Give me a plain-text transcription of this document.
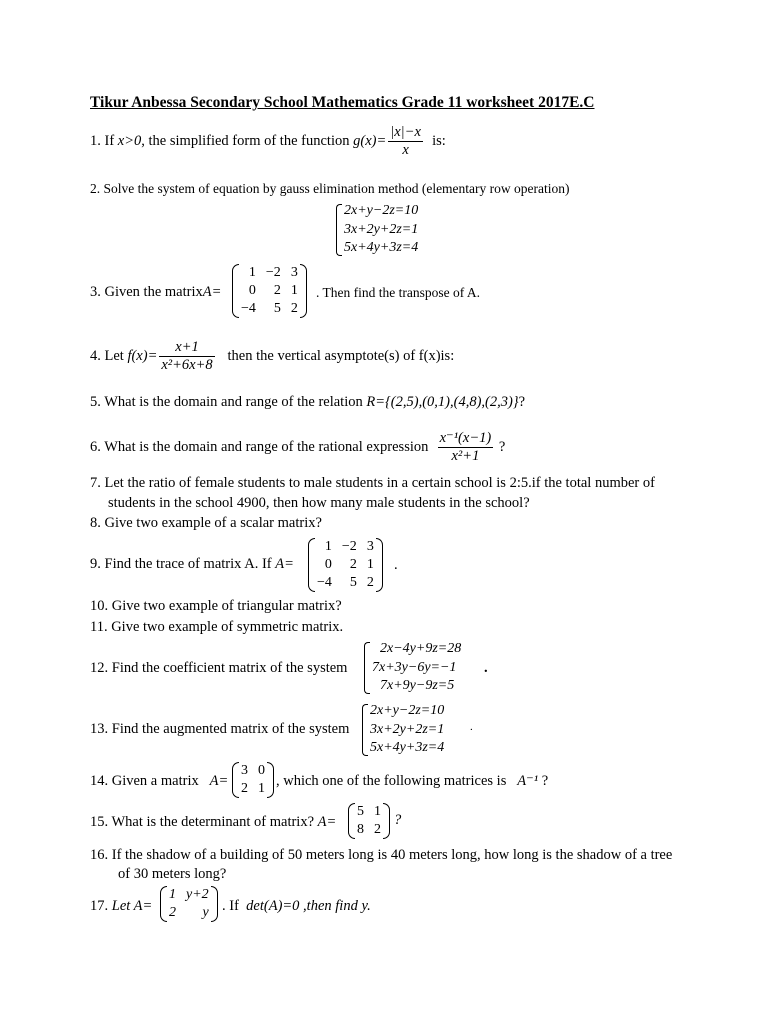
Tikur Anbessa Secondary School Mathematics Grade 11 worksheet 2017E.C
1. If x>0, the simplified form of the function $g(x)= \frac{|x|-x}{x}$ is:
2. Solve the system of equation by gauss elimination method (elementary row operation)
2x+y−2z=10
3x+2y+2z=1
5x+4y+3z=4
3. Given the matrixA=
1	−2	3
0	2	1
−4	5	2
. Then find the transpose of A.
4. Let $f(x)= \frac{x+1}{\text{x²+6x+8}}$ then the vertical asymptote(s) of f(x)is:
5. What is the domain and range of the relation R={(2,5),(0,1),(4,8),(2,3)}?
6. What is the domain and range of the rational expression $\frac{\text{x⁻¹(x−1)}}{\text{x²+1}}$ ?
7. Let the ratio of female students to male students in a certain school is 2:5.if the total number of
students in the school 4900, then how many male students in the school?
8. Give two example of a scalar matrix?
9. Find the trace of matrix A. If A=
1	−2	3
0	2	1
−4	5	2
.
10. Give two example of triangular matrix?
11. Give two example of symmetric matrix.
12. Find the coefficient matrix of the system
2x−4y+9z=28
7x+3y−6y=−1
7x+9y−9z=5
.
13. Find the augmented matrix of the system
2x+y−2z=10
3x+2y+2z=1
5x+4y+3z=4
.
14. Given a matrix   A=
3	0
2	1 , which one of the following matrices is   A⁻¹ ?
15. What is the determinant of matrix? A=
5	1
8	2
?
16. If the shadow of a building of 50 meters long is 40 meters long, how long is the shadow of a tree
of 30 meters long?
17. Let A=
1	y+2
2	y . If  det(A)=0 ,then find y.
